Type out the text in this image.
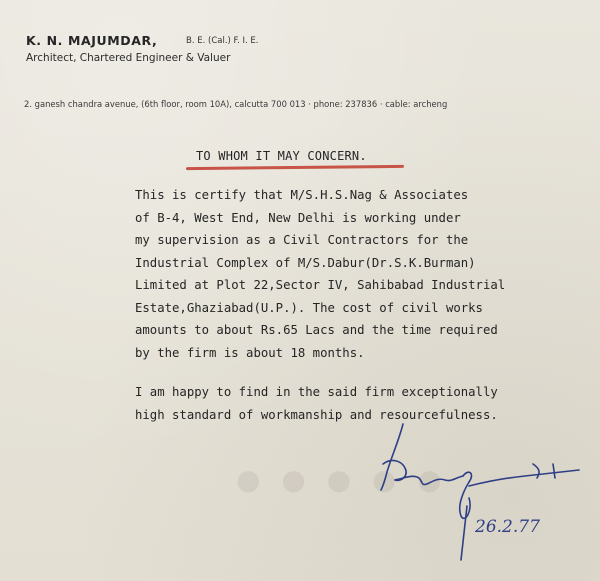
K. N. MAJUMDAR,	B. E. (Cal.) F. I. E.
Architect, Chartered Engineer & Valuer
2. ganesh chandra avenue, (6th floor, room 10A), calcutta 700 013 · phone: 237836 · cable: archeng
● ● ● ● ●
TO WHOM IT MAY CONCERN.
This is certify that M/S.H.S.Nag & Associates
of B-4, West End, New Delhi is working under
my supervision as a Civil Contractors for the
Industrial Complex of M/S.Dabur(Dr.S.K.Burman)
Limited at Plot 22,Sector IV, Sahibabad Industrial
Estate,Ghaziabad(U.P.). The cost of civil works
amounts to about Rs.65 Lacs and the time required
by the firm is about 18 months.
I am happy to find in the said firm exceptionally
high standard of workmanship and resourcefulness.
26.2.77
